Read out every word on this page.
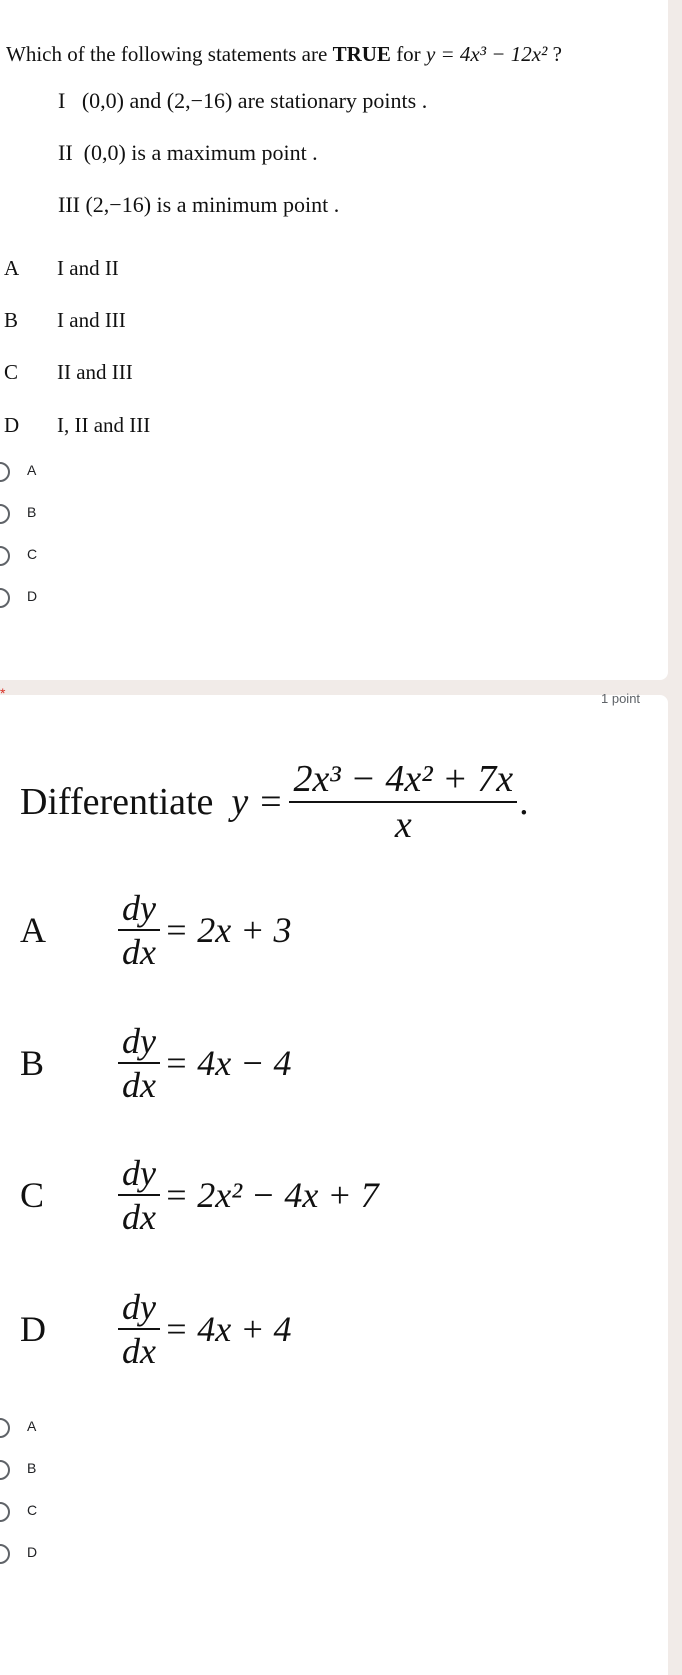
Which of the following statements are TRUE for y = 4x³ − 12x² ?
I (0,0) and (2,−16) are stationary points .
II (0,0) is a maximum point .
III (2,−16) is a minimum point .
A I and II
B I and III
C II and III
D I, II and III
A
B
C
D
*	1 point
Differentiate $y = \frac{\text{2x³ − 4x² + 7x}}{x}$ .
A	$\frac{dy}{dx} = 2x + 3$
B	$\frac{dy}{dx} = 4x - 4$
C	$\frac{dy}{dx} = 2x^2 - 4x + 7$
D	$\frac{dy}{dx} = 4x + 4$
A
B
C
D
